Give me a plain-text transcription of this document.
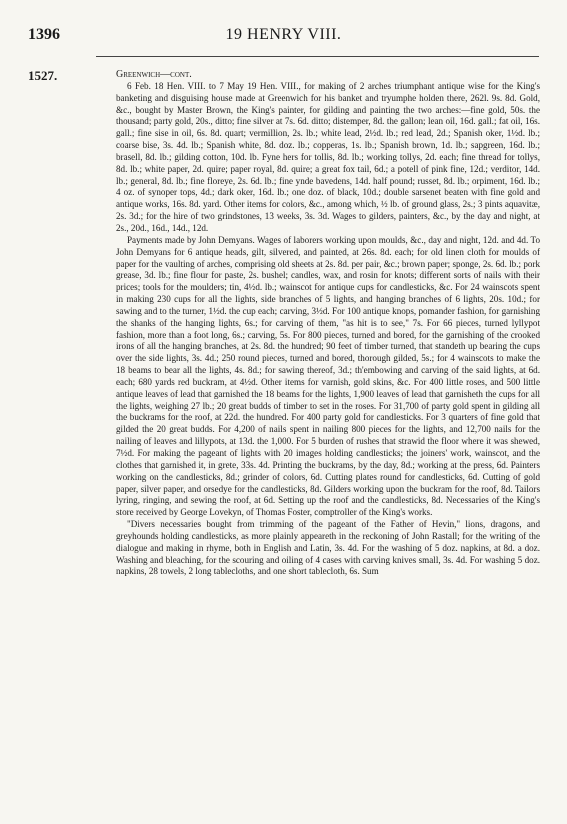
1396	19 HENRY VIII.
1527.	Greenwich—cont.

6 Feb. 18 Hen. VIII. to 7 May 19 Hen. VIII., for making of 2 arches triumphant antique wise for the King's banketing and disguising house made at Greenwich for his banket and tryumphe holden there, 262l. 9s. 8d. Gold, &c., bought by Master Brown, the King's painter, for gilding and painting the two arches:—fine gold, 50s. the thousand; party gold, 20s., ditto; fine silver at 7s. 6d. ditto; distemper, 8d. the gallon; lean oil, 16d. gall.; fat oil, 16s. gall.; fine sise in oil, 6s. 8d. quart; vermillion, 2s. lb.; white lead, 2½d. lb.; red lead, 2d.; Spanish oker, 1½d. lb.; coarse bise, 3s. 4d. lb.; Spanish white, 8d. doz. lb.; copperas, 1s. lb.; Spanish brown, 1d. lb.; sapgreen, 16d. lb.; brasell, 8d. lb.; gilding cotton, 10d. lb. Fyne hers for tollis, 8d. lb.; working tollys, 2d. each; fine thread for tollys, 8d. lb.; white paper, 2d. quire; paper royal, 8d. quire; a great fox tail, 6d.; a potell of pink fine, 12d.; verditor, 14d. lb.; general, 8d. lb.; fine floreye, 2s. 6d. lb.; fine ynde bavedens, 14d. half pound; russet, 8d. lb.; orpiment, 16d. lb.; 4 oz. of synoper tops, 4d.; dark oker, 16d. lb.; one doz. of black, 10d.; double sarsenet beaten with fine gold and antique works, 16s. 8d. yard. Other items for colors, &c., among which, ½ lb. of ground glass, 2s.; 3 pints aquavitæ, 2s. 3d.; for the hire of two grindstones, 13 weeks, 3s. 3d. Wages to gilders, painters, &c., by the day and night, at 2s., 20d., 16d., 14d., 12d.

Payments made by John Demyans. Wages of laborers working upon moulds, &c., day and night, 12d. and 4d. To John Demyans for 6 antique heads, gilt, silvered, and painted, at 26s. 8d. each; for old linen cloth for moulds of paper for the vaulting of arches, comprising old sheets at 2s. 8d. per pair, &c.; brown paper; sponge, 2s. 6d. lb.; pork grease, 3d. lb.; fine flour for paste, 2s. bushel; candles, wax, and rosin for knots; different sorts of nails with their prices; tools for the moulders; tin, 4½d. lb.; wainscot for antique cups for candlesticks, &c. For 24 wainscots spent in making 230 cups for all the lights, side branches of 5 lights, and hanging branches of 6 lights, 20s. 10d.; for sawing and to the turner, 1½d. the cup each; carving, 3½d. For 100 antique knops, pomander fashion, for garnishing the shanks of the hanging lights, 6s.; for carving of them, "as hit is to see," 7s. For 66 pieces, turned lyllypot fashion, more than a foot long, 6s.; carving, 5s. For 800 pieces, turned and bored, for the garnishing of the crooked irons of all the hanging branches, at 2s. 8d. the hundred; 90 feet of timber turned, that standeth up bearing the cups over the side lights, 3s. 4d.; 250 round pieces, turned and bored, thorough gilded, 5s.; for 4 wainscots to make the 18 beams to bear all the lights, 4s. 8d.; for sawing thereof, 3d.; th'embowing and carving of the said lights, at 6d. each; 680 yards red buckram, at 4½d. Other items for varnish, gold skins, &c. For 400 little roses, and 500 little antique leaves of lead that garnished the 18 beams for the lights, 1,900 leaves of lead that garnisheth the cups for all the lights, weighing 27 lb.; 20 great budds of timber to set in the roses. For 31,700 of party gold spent in gilding all the buckrams for the roof, at 22d. the hundred. For 400 party gold for candlesticks. For 3 quarters of fine gold that gilded the 20 great budds. For 4,200 of nails spent in nailing 800 pieces for the lights, and 12,700 nails for the nailing of leaves and lillypots, at 13d. the 1,000. For 5 burden of rushes that strawid the floor where it was shewed, 7½d. For making the pageant of lights with 20 images holding candlesticks; the joiners' work, wainscot, and the clothes that garnished it, in grete, 33s. 4d. Printing the buckrams, by the day, 8d.; working at the press, 6d. Painters working on the candlesticks, 8d.; grinder of colors, 6d. Cutting plates round for candlesticks, 6d. Cutting of gold paper, silver paper, and orsedye for the candlesticks, 8d. Gilders working upon the buckram for the roof, 8d. Tailors lyring, ringing, and sewing the roof, at 6d. Setting up the roof and the candlesticks, 8d. Necessaries of the King's store received by George Lovekyn, of Thomas Foster, comptroller of the King's works.

"Divers necessaries bought from trimming of the pageant of the Father of Hevin," lions, dragons, and greyhounds holding candlesticks, as more plainly appeareth in the reckoning of John Rastall; for the writing of the dialogue and making in rhyme, both in English and Latin, 3s. 4d. For the washing of 5 doz. napkins, at 8d. a doz. Washing and bleaching, for the scouring and oiling of 4 cases with carving knives small, 3s. 4d. For washing 5 doz. napkins, 28 towels, 2 long tablecloths, and one short tablecloth, 6s. Sum
